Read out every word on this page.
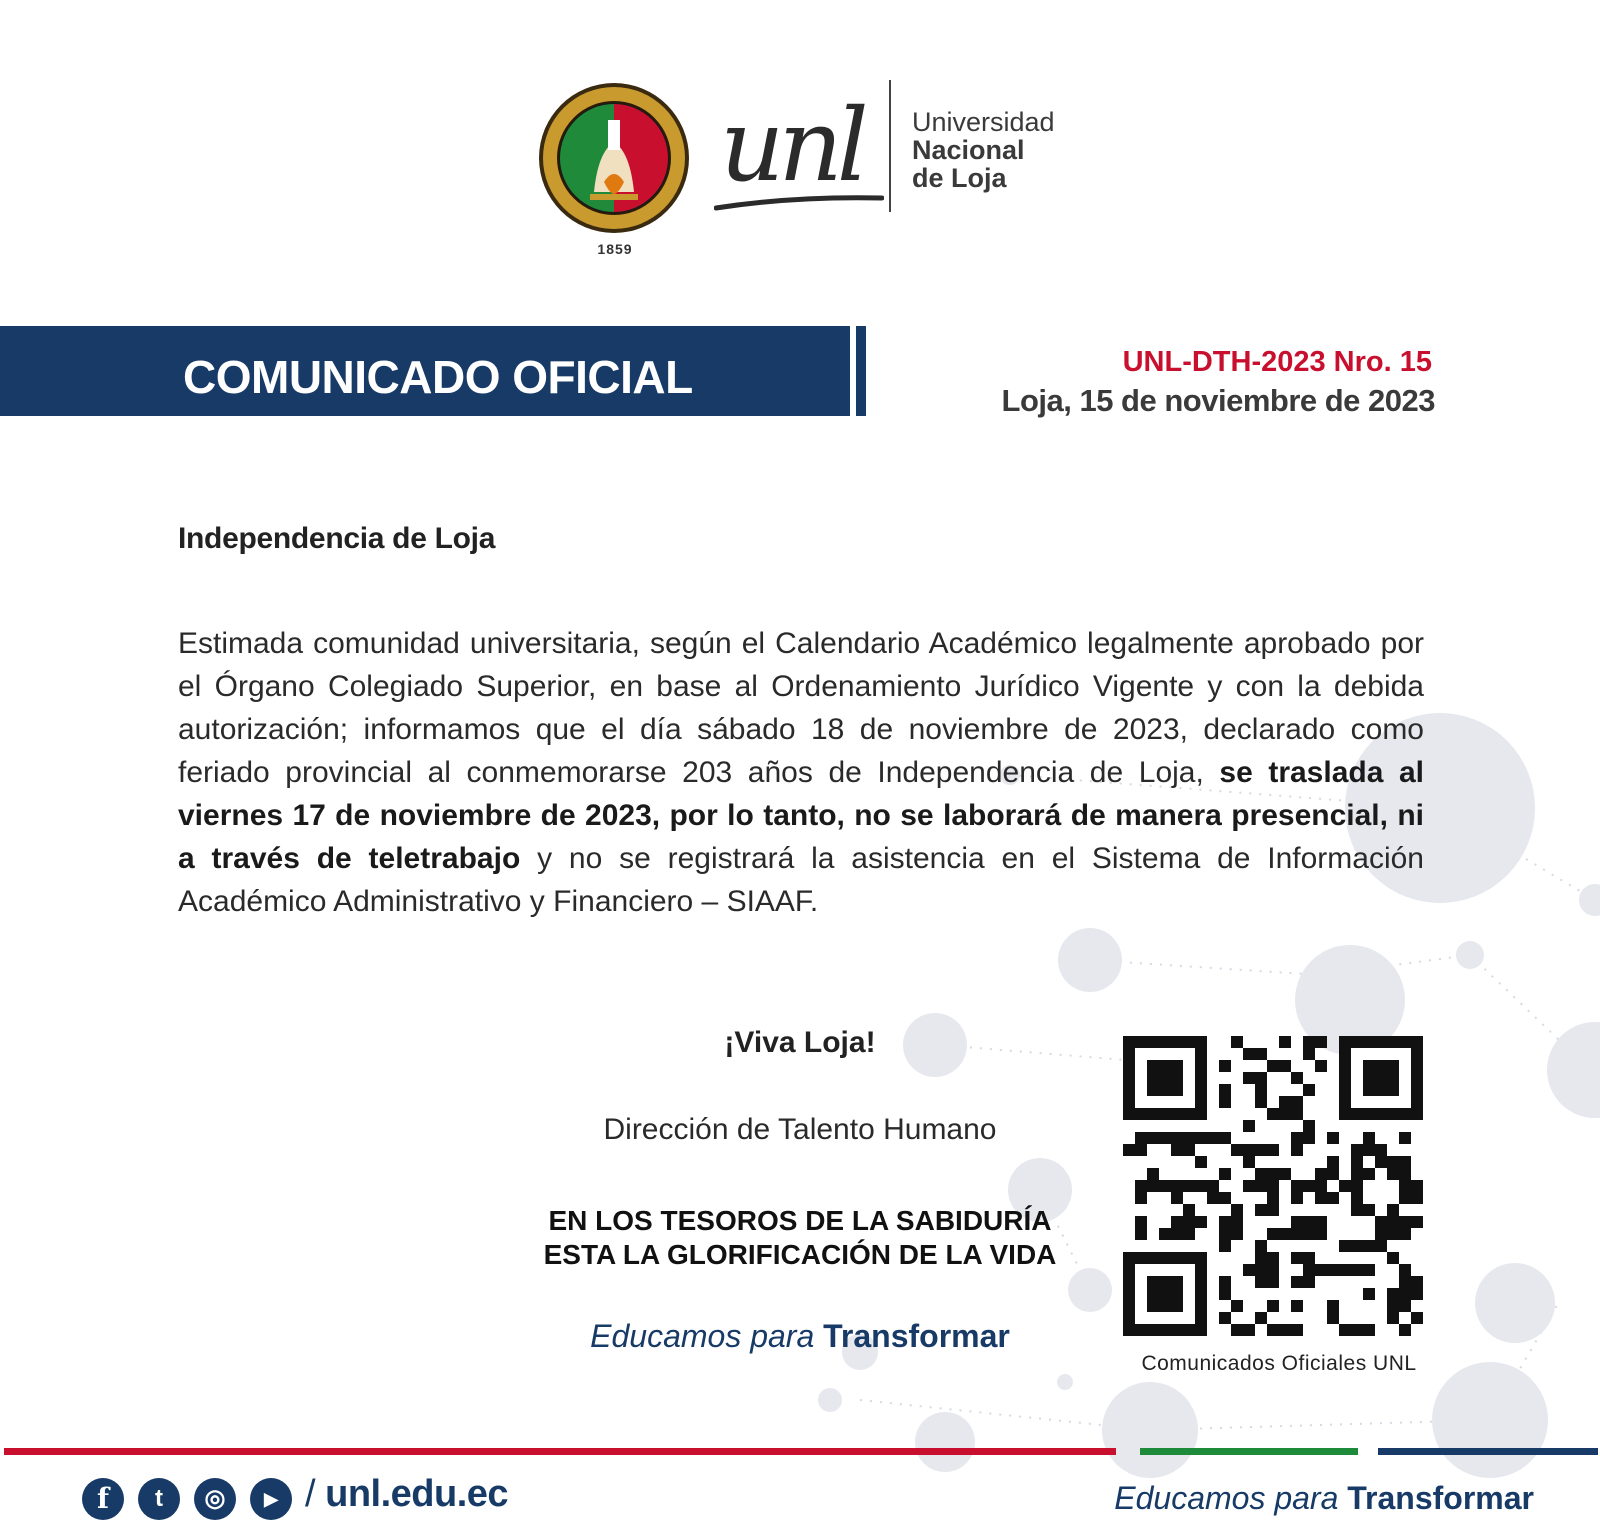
1859
unl Universidad
Nacional
de Loja
COMUNICADO OFICIAL	UNL-DTH-2023 Nro. 15
Loja, 15 de noviembre de 2023
Independencia de Loja
Estimada comunidad universitaria, según el Calendario Académico legalmente aprobado por el Órgano Colegiado Superior, en base al Ordenamiento Jurídico Vigente y con la debida autorización; informamos que el día sábado 18 de noviembre de 2023, declarado como feriado provincial al conmemorarse 203 años de Independencia de Loja, se traslada al viernes 17 de noviembre de 2023, por lo tanto, no se laborará de manera presencial, ni a través de teletrabajo y no se registrará la asistencia en el Sistema de Información Académico Administrativo y Financiero – SIAAF.
¡Viva Loja!
Dirección de Talento Humano
EN LOS TESOROS DE LA SABIDURÍA
ESTA LA GLORIFICACIÓN DE LA VIDA
Educamos para Transformar
Comunicados Oficiales UNL
f	t	◎	▶ / unl.edu.ec	Educamos para Transformar
